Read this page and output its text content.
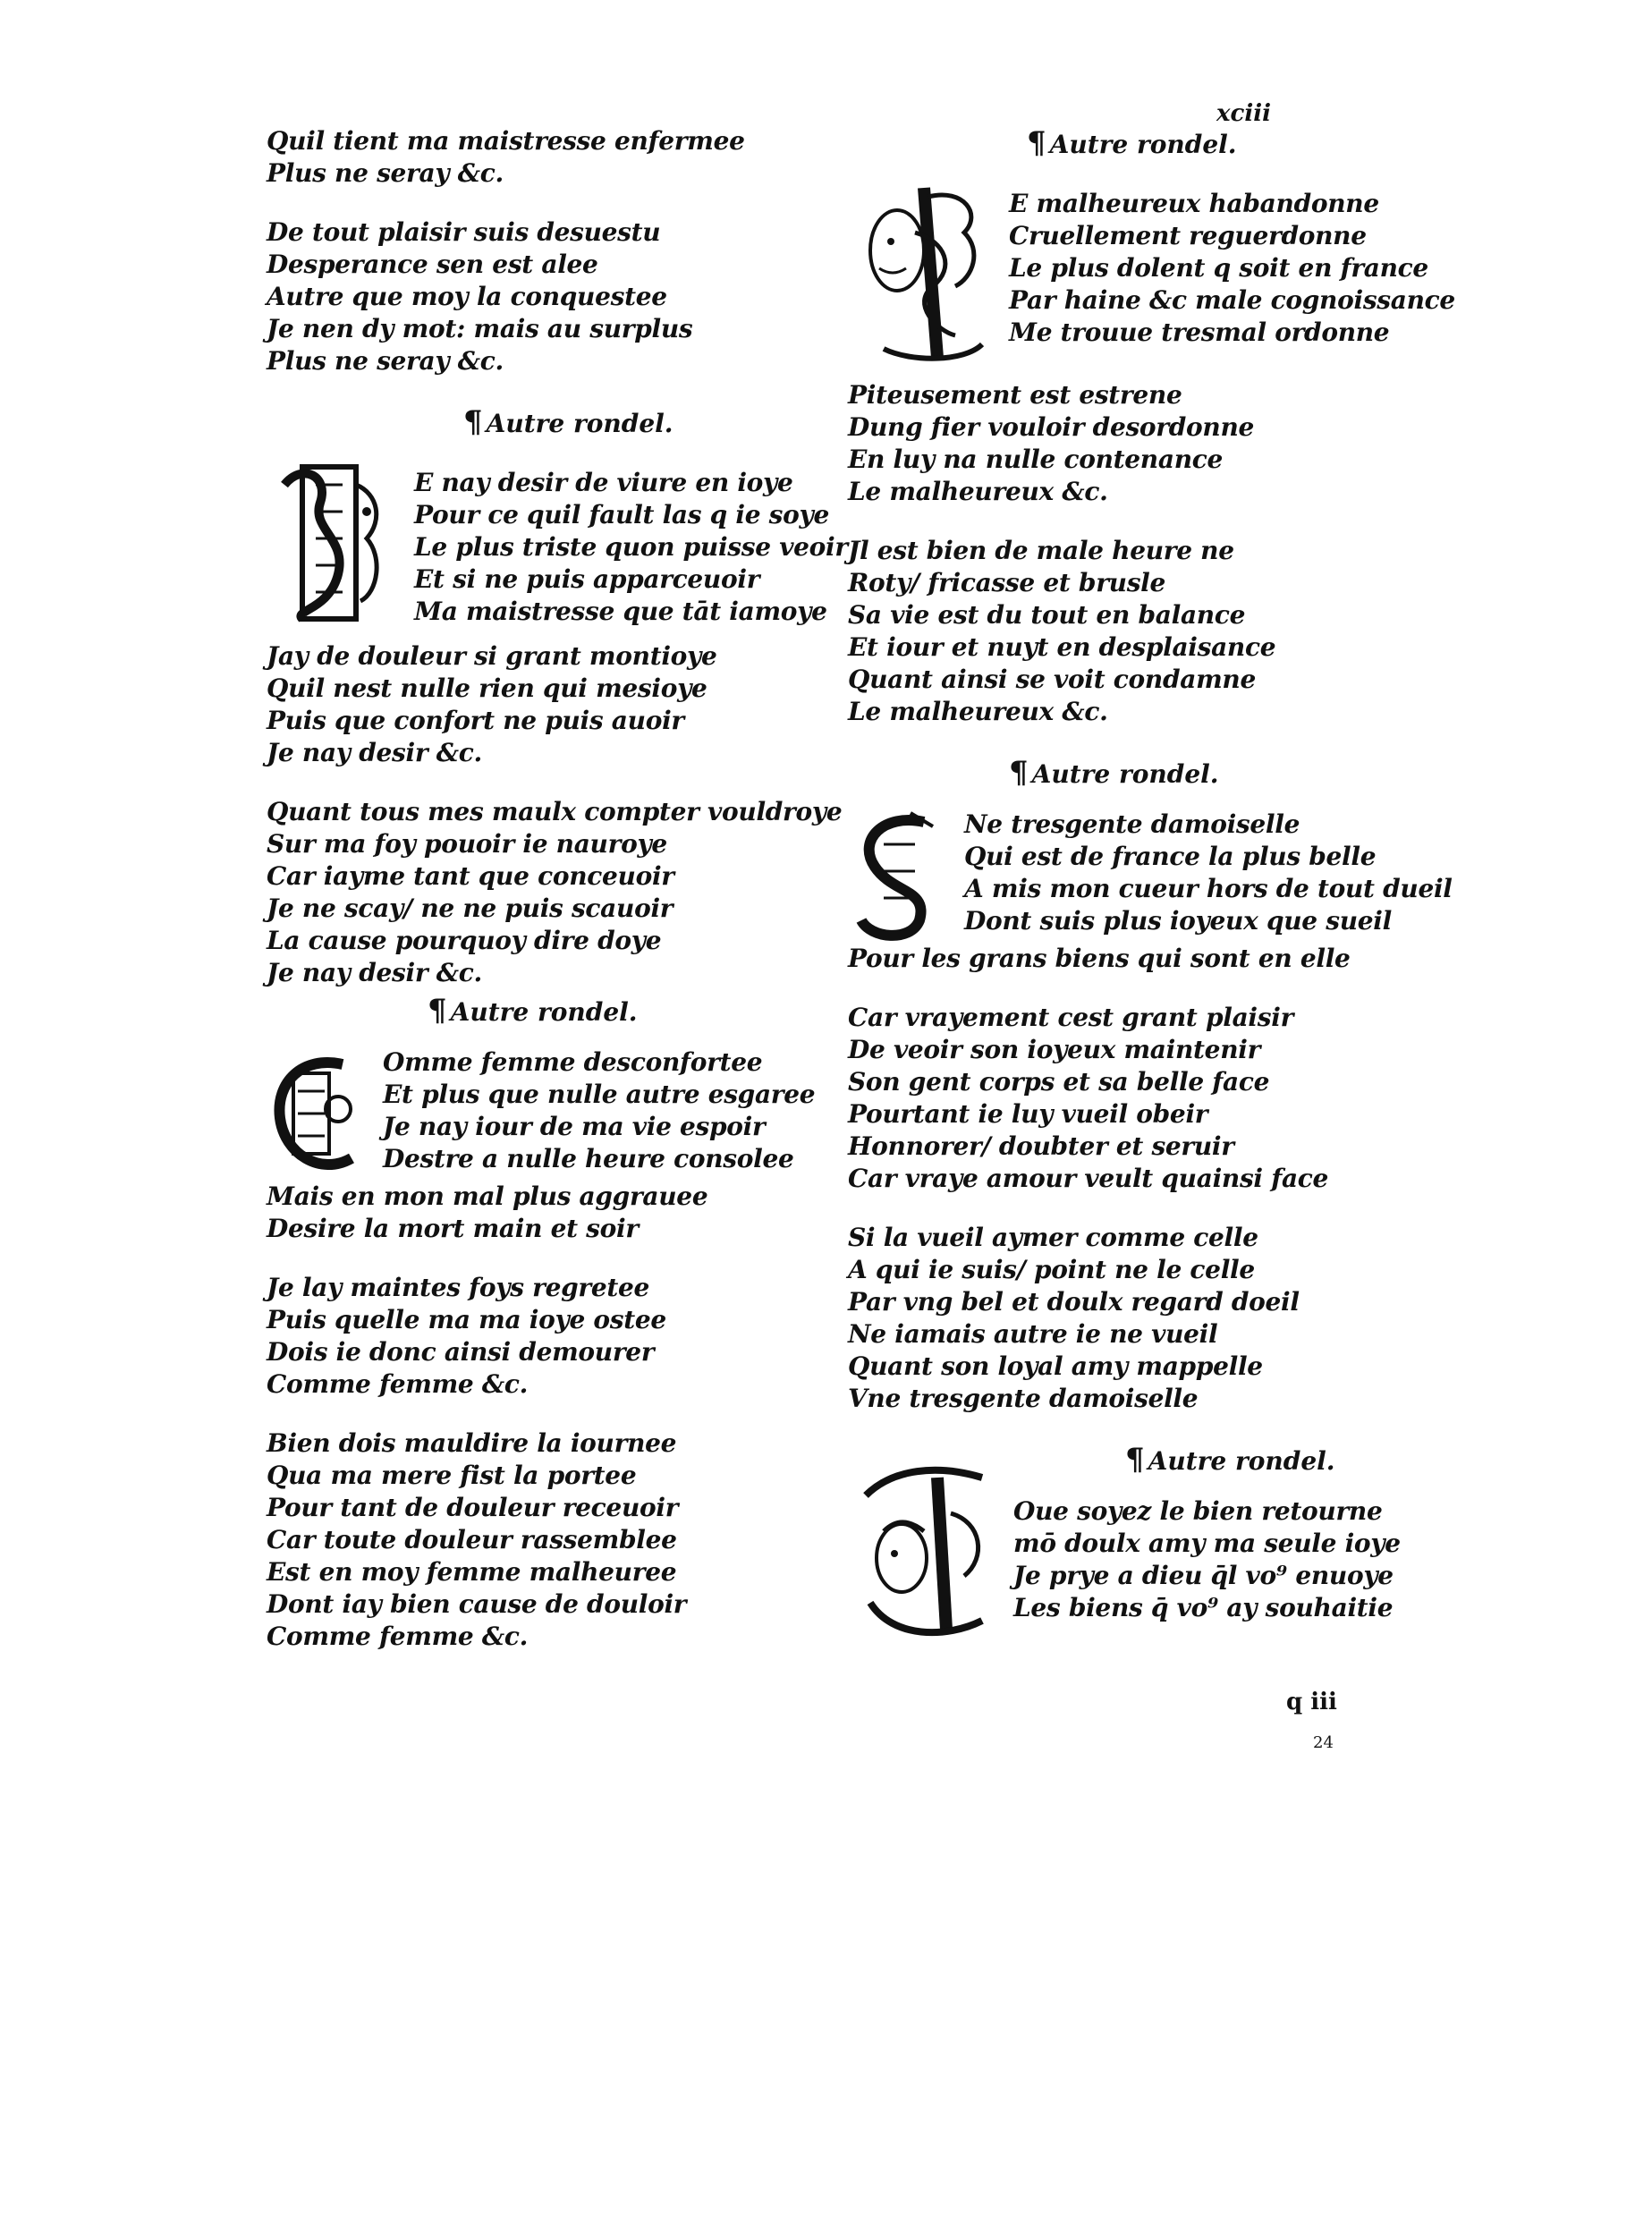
xciii
Quil tient ma maistresse enfermee
Plus ne seray &c.
De tout plaisir suis desuestu
Desperance sen est alee
Autre que moy la conquestee
Je nen dy mot: mais au surplus
Plus ne seray &c.
¶ Autre rondel.
E nay desir de viure en ioye
Pour ce quil fault las q ie soye
Le plus triste quon puisse veoir
Et si ne puis apparceuoir
Ma maistresse que tāt iamoye
Jay de douleur si grant montioye
Quil nest nulle rien qui mesioye
Puis que confort ne puis auoir
Je nay desir &c.
Quant tous mes maulx compter vouldroye
Sur ma foy pouoir ie nauroye
Car iayme tant que conceuoir
Je ne scay/ ne ne puis scauoir
La cause pourquoy dire doye
Je nay desir &c.
¶ Autre rondel.
Omme femme desconfortee
Et plus que nulle autre esgaree
Je nay iour de ma vie espoir
Destre a nulle heure consolee
Mais en mon mal plus aggrauee
Desire la mort main et soir
Je lay maintes foys regretee
Puis quelle ma ma ioye ostee
Dois ie donc ainsi demourer
Comme femme &c.
Bien dois mauldire la iournee
Qua ma mere fist la portee
Pour tant de douleur receuoir
Car toute douleur rassemblee
Est en moy femme malheuree
Dont iay bien cause de douloir
Comme femme &c.
¶ Autre rondel.
E malheureux habandonne
Cruellement reguerdonne
Le plus dolent q soit en france
Par haine &c male cognoissance
Me trouue tresmal ordonne
Piteusement est estrene
Dung fier vouloir desordonne
En luy na nulle contenance
Le malheureux &c.
Jl est bien de male heure ne
Roty/ fricasse et brusle
Sa vie est du tout en balance
Et iour et nuyt en desplaisance
Quant ainsi se voit condamne
Le malheureux &c.
¶ Autre rondel.
Ne tresgente damoiselle
Qui est de france la plus belle
A mis mon cueur hors de tout dueil
Dont suis plus ioyeux que sueil
Pour les grans biens qui sont en elle
Car vrayement cest grant plaisir
De veoir son ioyeux maintenir
Son gent corps et sa belle face
Pourtant ie luy vueil obeir
Honnorer/ doubter et seruir
Car vraye amour veult quainsi face
Si la vueil aymer comme celle
A qui ie suis/ point ne le celle
Par vng bel et doulx regard doeil
Ne iamais autre ie ne vueil
Quant son loyal amy mappelle
Vne tresgente damoiselle
¶ Autre rondel.
Oue soyez le bien retourne
mō doulx amy ma seule ioye
Je prye a dieu q̄l vo⁹ enuoye
Les biens q̄ vo⁹ ay souhaitie
q iii
24
